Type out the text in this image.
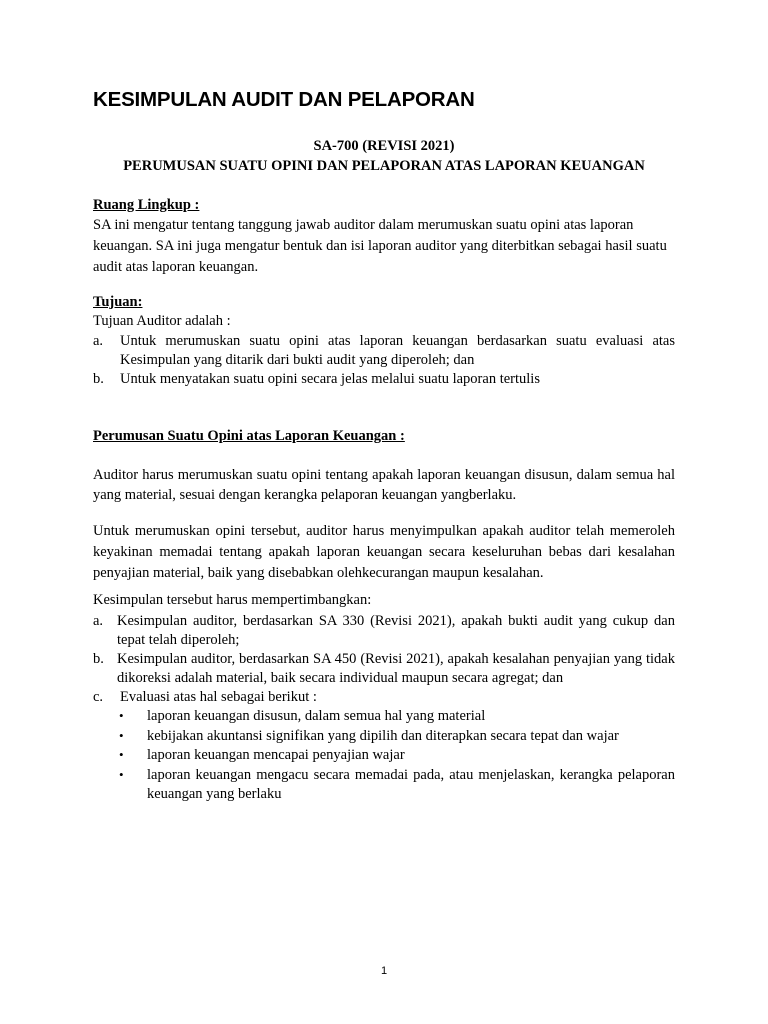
KESIMPULAN AUDIT DAN PELAPORAN
SA-700 (REVISI 2021)
PERUMUSAN SUATU OPINI DAN PELAPORAN ATAS LAPORAN KEUANGAN
Ruang Lingkup :
SA ini mengatur tentang tanggung jawab auditor dalam merumuskan suatu opini atas laporan keuangan. SA ini juga mengatur bentuk dan isi laporan auditor yang diterbitkan sebagai hasil suatu audit atas laporan keuangan.
Tujuan:
Tujuan Auditor adalah :
a. Untuk merumuskan suatu opini atas laporan keuangan berdasarkan suatu evaluasi atas Kesimpulan yang ditarik dari bukti audit yang diperoleh; dan
b. Untuk menyatakan suatu opini secara jelas melalui suatu laporan tertulis
Perumusan Suatu Opini atas Laporan Keuangan :
Auditor harus merumuskan suatu opini tentang apakah laporan keuangan disusun, dalam semua hal yang material, sesuai dengan kerangka pelaporan keuangan yangberlaku.
Untuk merumuskan opini tersebut, auditor harus menyimpulkan apakah auditor telah memeroleh keyakinan memadai tentang apakah laporan keuangan secara keseluruhan bebas dari kesalahan penyajian material, baik yang disebabkan olehkecurangan maupun kesalahan.
Kesimpulan tersebut harus mempertimbangkan:
a. Kesimpulan auditor, berdasarkan SA 330 (Revisi 2021), apakah bukti audit yang cukup dan tepat telah diperoleh;
b. Kesimpulan auditor, berdasarkan SA 450 (Revisi 2021), apakah kesalahan penyajian yang tidak dikoreksi adalah material, baik secara individual maupun secara agregat; dan
c. Evaluasi atas hal sebagai berikut :
• laporan keuangan disusun, dalam semua hal yang material
• kebijakan akuntansi signifikan yang dipilih dan diterapkan secara tepat dan wajar
• laporan keuangan mencapai penyajian wajar
• laporan keuangan mengacu secara memadai pada, atau menjelaskan, kerangka pelaporan keuangan yang berlaku
1
